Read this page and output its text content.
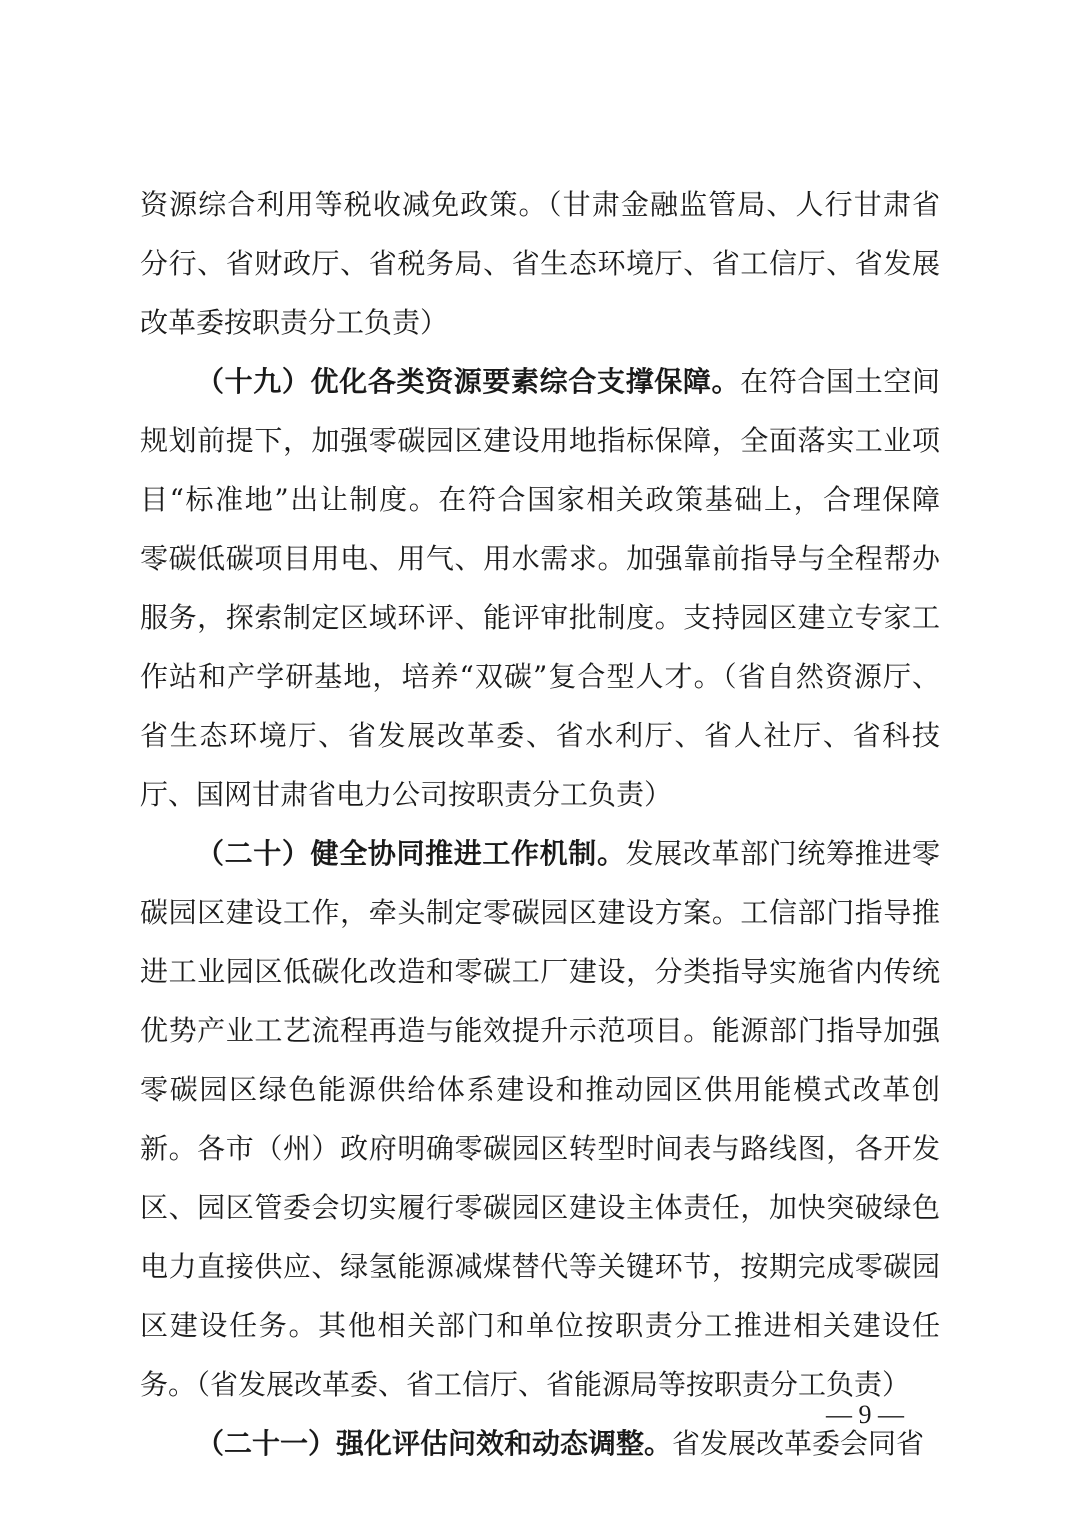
资源综合利用等税收减免政策。（甘肃金融监管局、人行甘肃省
分行、省财政厅、省税务局、省生态环境厅、省工信厅、省发展
改革委按职责分工负责）
（十九）优化各类资源要素综合支撑保障。在符合国土空间
规划前提下，加强零碳园区建设用地指标保障，全面落实工业项
目“标准地”出让制度。在符合国家相关政策基础上，合理保障
零碳低碳项目用电、用气、用水需求。加强靠前指导与全程帮办
服务，探索制定区域环评、能评审批制度。支持园区建立专家工
作站和产学研基地，培养“双碳”复合型人才。（省自然资源厅、
省生态环境厅、省发展改革委、省水利厅、省人社厅、省科技
厅、国网甘肃省电力公司按职责分工负责）
（二十）健全协同推进工作机制。发展改革部门统筹推进零
碳园区建设工作，牵头制定零碳园区建设方案。工信部门指导推
进工业园区低碳化改造和零碳工厂建设，分类指导实施省内传统
优势产业工艺流程再造与能效提升示范项目。能源部门指导加强
零碳园区绿色能源供给体系建设和推动园区供用能模式改革创
新。各市（州）政府明确零碳园区转型时间表与路线图，各开发
区、园区管委会切实履行零碳园区建设主体责任，加快突破绿色
电力直接供应、绿氢能源减煤替代等关键环节，按期完成零碳园
区建设任务。其他相关部门和单位按职责分工推进相关建设任
务。（省发展改革委、省工信厅、省能源局等按职责分工负责）
（二十一）强化评估问效和动态调整。省发展改革委会同省
— 9 —
